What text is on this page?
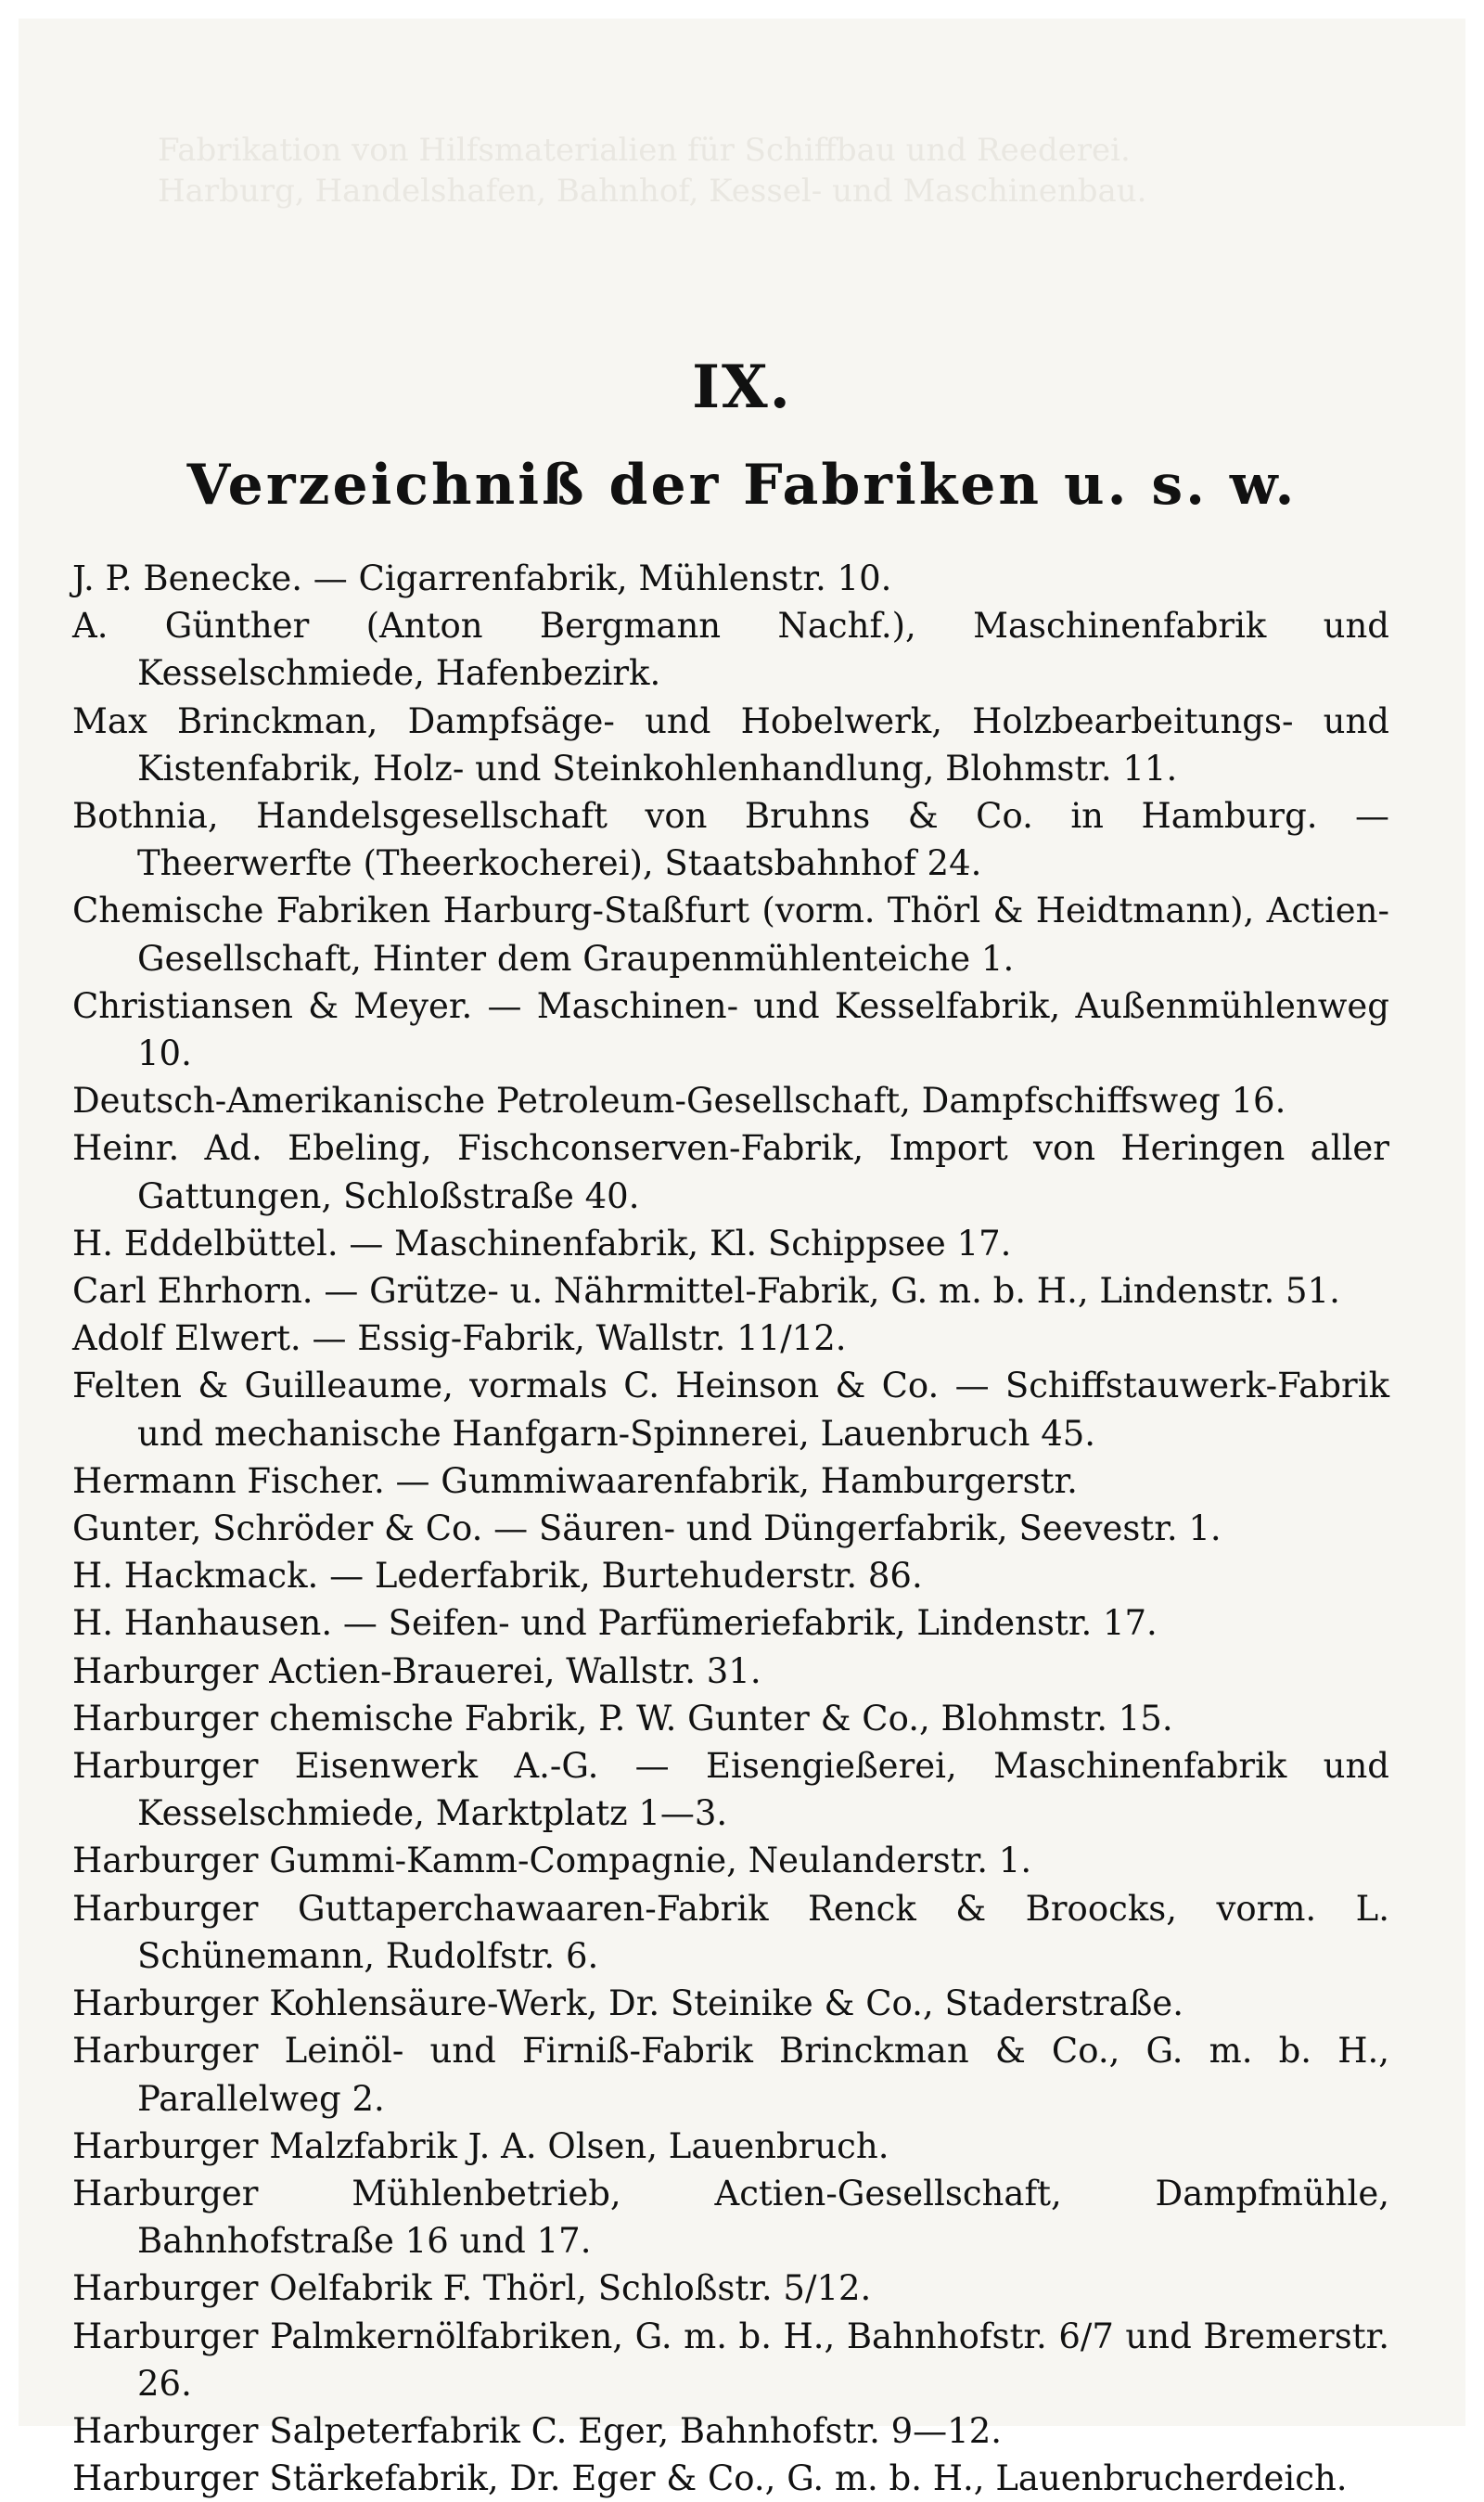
Fabrikation von Hilfsmaterialien für Schiffbau und Reederei.
Harburg, Handelshafen, Bahnhof, Kessel- und Maschinenbau.
IX.
Verzeichniß der Fabriken u. s. w.
J. P. Benecke. — Cigarrenfabrik, Mühlenstr. 10.
A. Günther (Anton Bergmann Nachf.), Maschinenfabrik und Kesselschmiede, Hafenbezirk.
Max Brinckman, Dampfsäge- und Hobelwerk, Holzbearbeitungs- und Kistenfabrik, Holz- und Steinkohlenhandlung, Blohmstr. 11.
Bothnia, Handelsgesellschaft von Bruhns & Co. in Hamburg. — Theerwerfte (Theerkocherei), Staatsbahnhof 24.
Chemische Fabriken Harburg-Staßfurt (vorm. Thörl & Heidtmann), Actien-Gesellschaft, Hinter dem Graupenmühlenteiche 1.
Christiansen & Meyer. — Maschinen- und Kesselfabrik, Außenmühlenweg 10.
Deutsch-Amerikanische Petroleum-Gesellschaft, Dampfschiffsweg 16.
Heinr. Ad. Ebeling, Fischconserven-Fabrik, Import von Heringen aller Gattungen, Schloßstraße 40.
H. Eddelbüttel. — Maschinenfabrik, Kl. Schippsee 17.
Carl Ehrhorn. — Grütze- u. Nährmittel-Fabrik, G. m. b. H., Lindenstr. 51.
Adolf Elwert. — Essig-Fabrik, Wallstr. 11/12.
Felten & Guilleaume, vormals C. Heinson & Co. — Schiffstauwerk-Fabrik und mechanische Hanfgarn-Spinnerei, Lauenbruch 45.
Hermann Fischer. — Gummiwaarenfabrik, Hamburgerstr.
Gunter, Schröder & Co. — Säuren- und Düngerfabrik, Seevestr. 1.
H. Hackmack. — Lederfabrik, Burtehuderstr. 86.
H. Hanhausen. — Seifen- und Parfümeriefabrik, Lindenstr. 17.
Harburger Actien-Brauerei, Wallstr. 31.
Harburger chemische Fabrik, P. W. Gunter & Co., Blohmstr. 15.
Harburger Eisenwerk A.-G. — Eisengießerei, Maschinenfabrik und Kesselschmiede, Marktplatz 1—3.
Harburger Gummi-Kamm-Compagnie, Neulanderstr. 1.
Harburger Guttaperchawaaren-Fabrik Renck & Broocks, vorm. L. Schünemann, Rudolfstr. 6.
Harburger Kohlensäure-Werk, Dr. Steinike & Co., Staderstraße.
Harburger Leinöl- und Firniß-Fabrik Brinckman & Co., G. m. b. H., Parallelweg 2.
Harburger Malzfabrik J. A. Olsen, Lauenbruch.
Harburger Mühlenbetrieb, Actien-Gesellschaft, Dampfmühle, Bahnhofstraße 16 und 17.
Harburger Oelfabrik F. Thörl, Schloßstr. 5/12.
Harburger Palmkernölfabriken, G. m. b. H., Bahnhofstr. 6/7 und Bremerstr. 26.
Harburger Salpeterfabrik C. Eger, Bahnhofstr. 9—12.
Harburger Stärkefabrik, Dr. Eger & Co., G. m. b. H., Lauenbrucherdeich.
